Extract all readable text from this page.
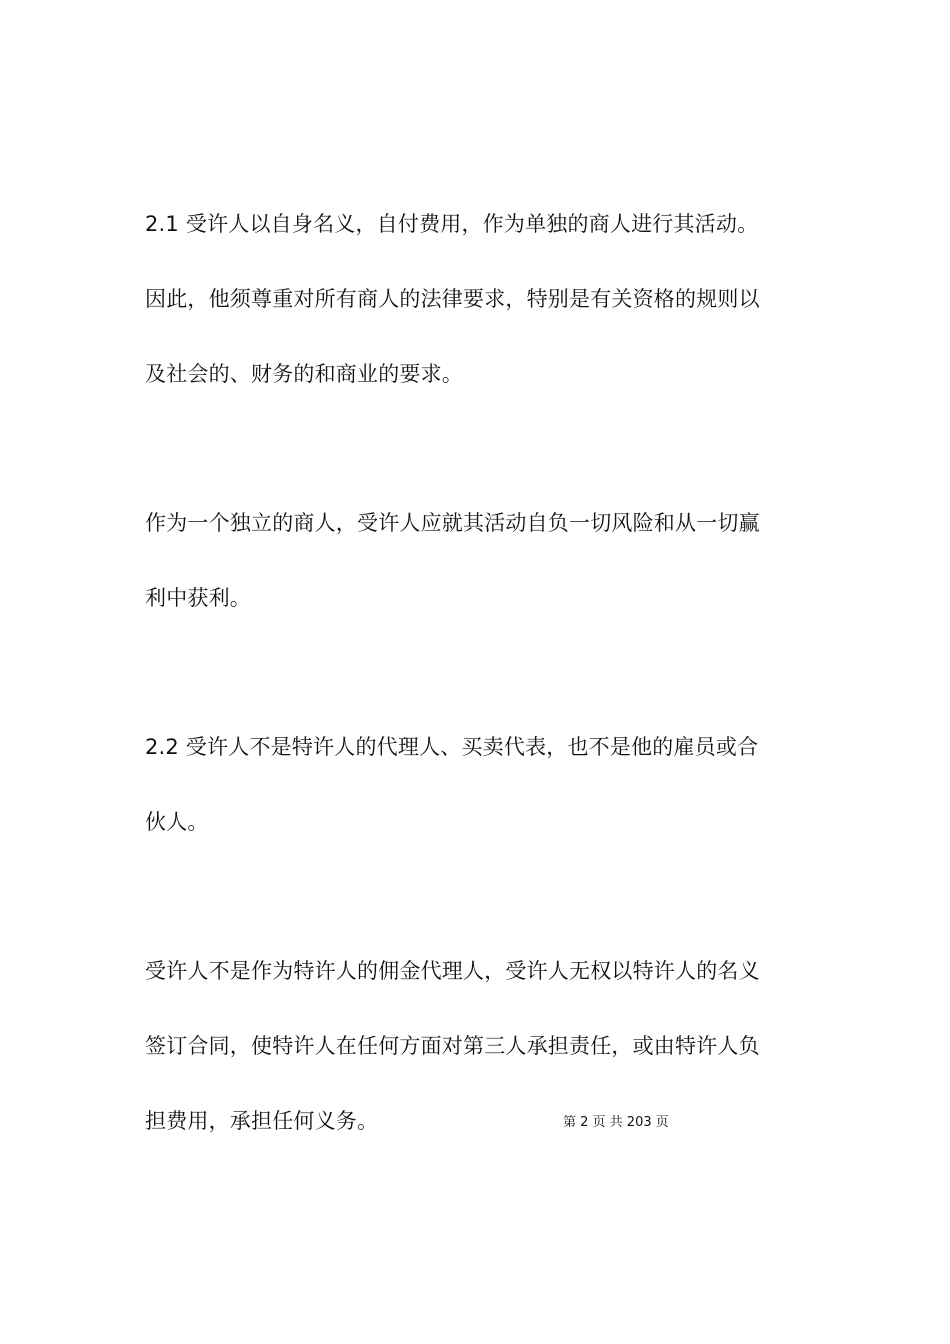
2.1 受许人以自身名义，自付费用，作为单独的商人进行其活动。
因此，他须尊重对所有商人的法律要求，特别是有关资格的规则以
及社会的、财务的和商业的要求。
作为一个独立的商人，受许人应就其活动自负一切风险和从一切赢
利中获利。
2.2 受许人不是特许人的代理人、买卖代表，也不是他的雇员或合
伙人。
受许人不是作为特许人的佣金代理人，受许人无权以特许人的名义
签订合同，使特许人在任何方面对第三人承担责任，或由特许人负
担费用，承担任何义务。	第 2 页 共 203 页
